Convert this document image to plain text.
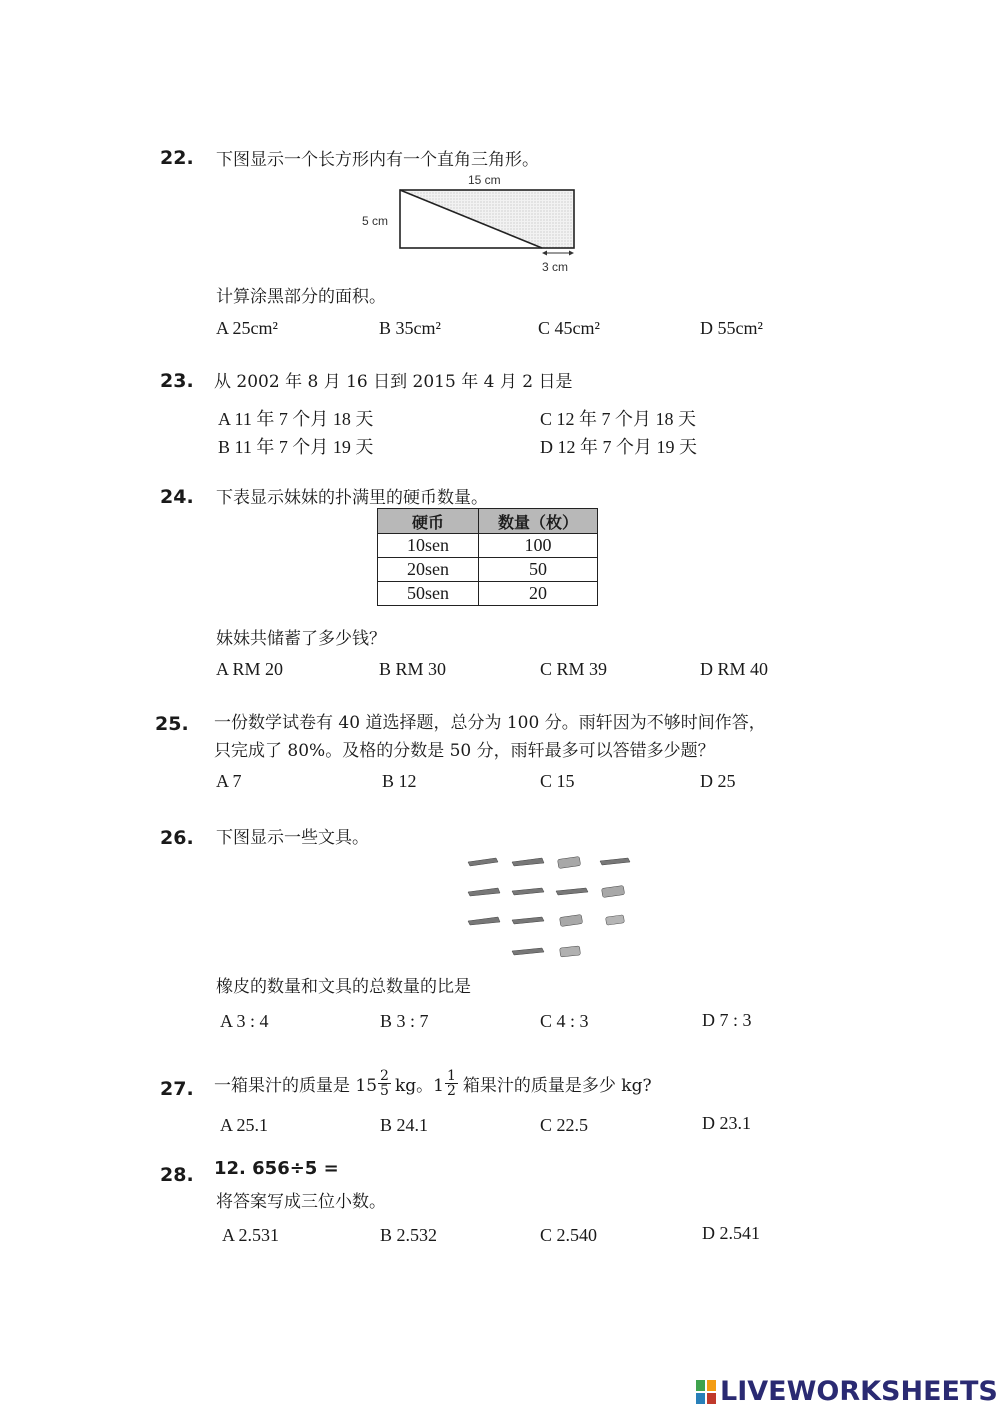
22. 下图显示一个长方形内有一个直角三角形。
15 cm
5 cm
3 cm
计算涂黑部分的面积。
A 25cm²	B 35cm²	C 45cm²	D 55cm²
23. 从 2002 年 8 月 16 日到 2015 年 4 月 2 日是
A 11 年 7 个月 18 天
B 11 年 7 个月 19 天
C 12 年 7 个月 18 天
D 12 年 7 个月 19 天
24. 下表显示妹妹的扑满里的硬币数量。
硬币	数量（枚）
10sen	100
20sen	50
50sen	20
妹妹共储蓄了多少钱？
A RM 20	B RM 30	C RM 39	D RM 40
25. 一份数学试卷有 40 道选择题，总分为 100 分。雨轩因为不够时间作答，
只完成了 80%。及格的分数是 50 分，雨轩最多可以答错多少题？
A 7	B 12	C 15	D 25
26. 下图显示一些文具。
橡皮的数量和文具的总数量的比是
A 3 : 4	B 3 : 7	C 4 : 3	D 7 : 3
27. 一箱果汁的质量是 $15 \frac{2}{5}$ kg。$1 \frac{1}{2}$ 箱果汁的质量是多少 kg?
A 25.1	B 24.1	C 22.5	D 23.1
28. 12. 656÷5 =
将答案写成三位小数。
A 2.531	B 2.532	C 2.540	D 2.541
LIVEWORKSHEETS
